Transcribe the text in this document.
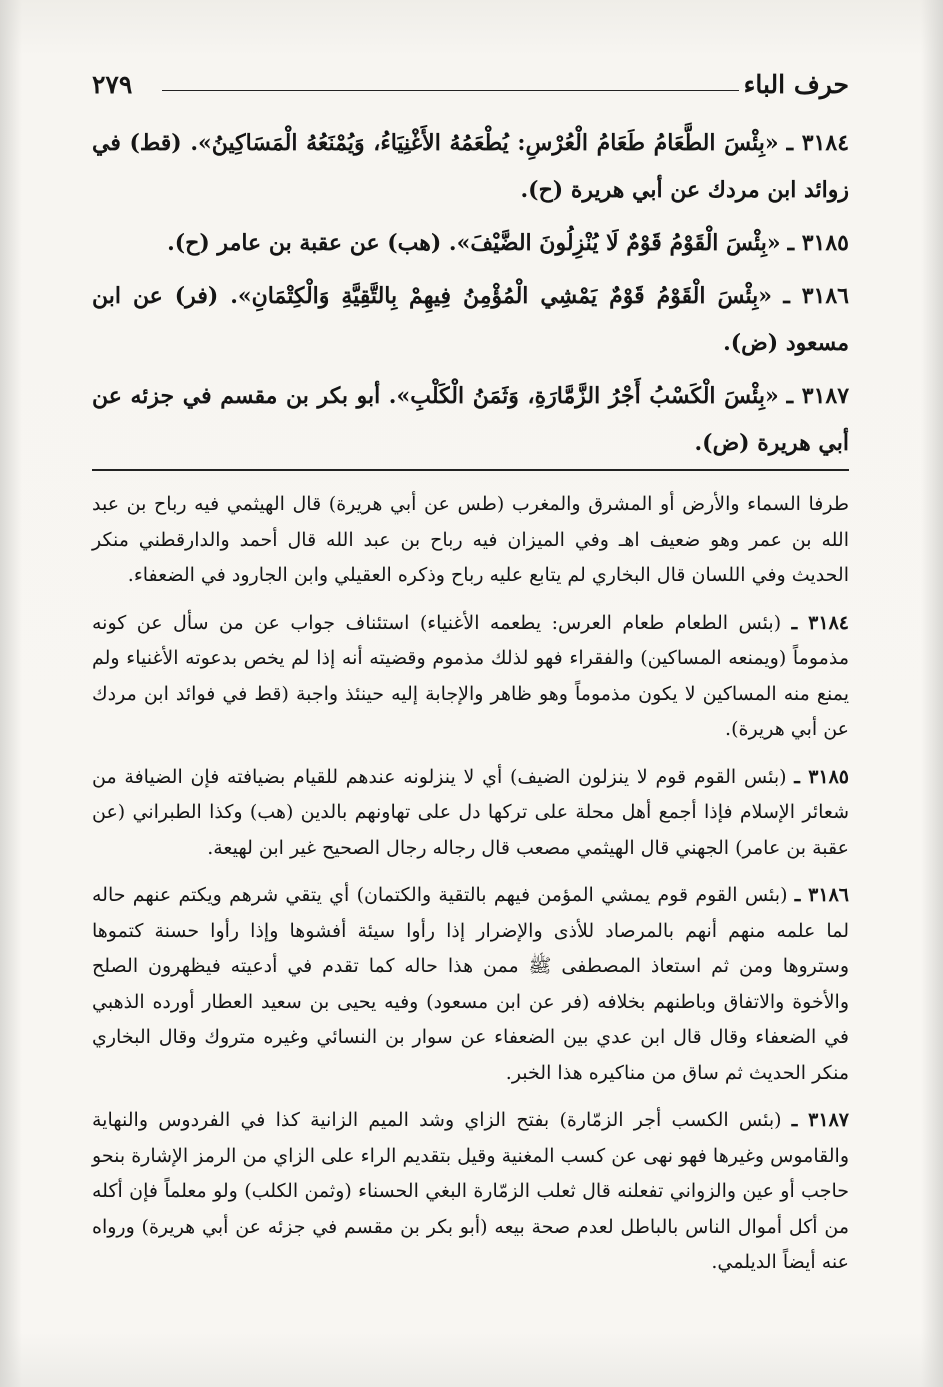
حرف الباء
٢٧٩
٣١٨٤ ـ «بِئْسَ الطَّعَامُ طَعَامُ الْعُرْسِ: يُطْعَمُهُ الأَغْنِيَاءُ، وَيُمْنَعُهُ الْمَسَاكِينُ». (قط) في زوائد ابن مردك عن أبي هريرة (ح).
٣١٨٥ ـ «بِئْسَ الْقَوْمُ قَوْمٌ لَا يُنْزِلُونَ الضَّيْفَ». (هب) عن عقبة بن عامر (ح).
٣١٨٦ ـ «بِئْسَ الْقَوْمُ قَوْمٌ يَمْشِي الْمُؤْمِنُ فِيهِمْ بِالتَّقِيَّةِ وَالْكِتْمَانِ». (فر) عن ابن مسعود (ض).
٣١٨٧ ـ «بِئْسَ الْكَسْبُ أَجْرُ الزَّمَّارَةِ، وَثَمَنُ الْكَلْبِ». أبو بكر بن مقسم في جزئه عن أبي هريرة (ض).
طرفا السماء والأرض أو المشرق والمغرب (طس عن أبي هريرة) قال الهيثمي فيه رباح بن عبد الله بن عمر وهو ضعيف اهـ وفي الميزان فيه رباح بن عبد الله قال أحمد والدارقطني منكر الحديث وفي اللسان قال البخاري لم يتابع عليه رباح وذكره العقيلي وابن الجارود في الضعفاء.
٣١٨٤ ـ (بئس الطعام طعام العرس: يطعمه الأغنياء) استئناف جواب عن من سأل عن كونه مذموماً (ويمنعه المساكين) والفقراء فهو لذلك مذموم وقضيته أنه إذا لم يخص بدعوته الأغنياء ولم يمنع منه المساكين لا يكون مذموماً وهو ظاهر والإجابة إليه حينئذ واجبة (قط في فوائد ابن مردك عن أبي هريرة).
٣١٨٥ ـ (بئس القوم قوم لا ينزلون الضيف) أي لا ينزلونه عندهم للقيام بضيافته فإن الضيافة من شعائر الإسلام فإذا أجمع أهل محلة على تركها دل على تهاونهم بالدين (هب) وكذا الطبراني (عن عقبة بن عامر) الجهني قال الهيثمي مصعب قال رجاله رجال الصحيح غير ابن لهيعة.
٣١٨٦ ـ (بئس القوم قوم يمشي المؤمن فيهم بالتقية والكتمان) أي يتقي شرهم ويكتم عنهم حاله لما علمه منهم أنهم بالمرصاد للأذى والإضرار إذا رأوا سيئة أفشوها وإذا رأوا حسنة كتموها وستروها ومن ثم استعاذ المصطفى ﷺ ممن هذا حاله كما تقدم في أدعيته فيظهرون الصلح والأخوة والاتفاق وباطنهم بخلافه (فر عن ابن مسعود) وفيه يحيى بن سعيد العطار أورده الذهبي في الضعفاء وقال قال ابن عدي بين الضعفاء عن سوار بن النسائي وغيره متروك وقال البخاري منكر الحديث ثم ساق من مناكيره هذا الخبر.
٣١٨٧ ـ (بئس الكسب أجر الزمّارة) بفتح الزاي وشد الميم الزانية كذا في الفردوس والنهاية والقاموس وغيرها فهو نهى عن كسب المغنية وقيل بتقديم الراء على الزاي من الرمز الإشارة بنحو حاجب أو عين والزواني تفعلنه قال ثعلب الزمّارة البغي الحسناء (وثمن الكلب) ولو معلماً فإن أكله من أكل أموال الناس بالباطل لعدم صحة بيعه (أبو بكر بن مقسم في جزئه عن أبي هريرة) ورواه عنه أيضاً الديلمي.
